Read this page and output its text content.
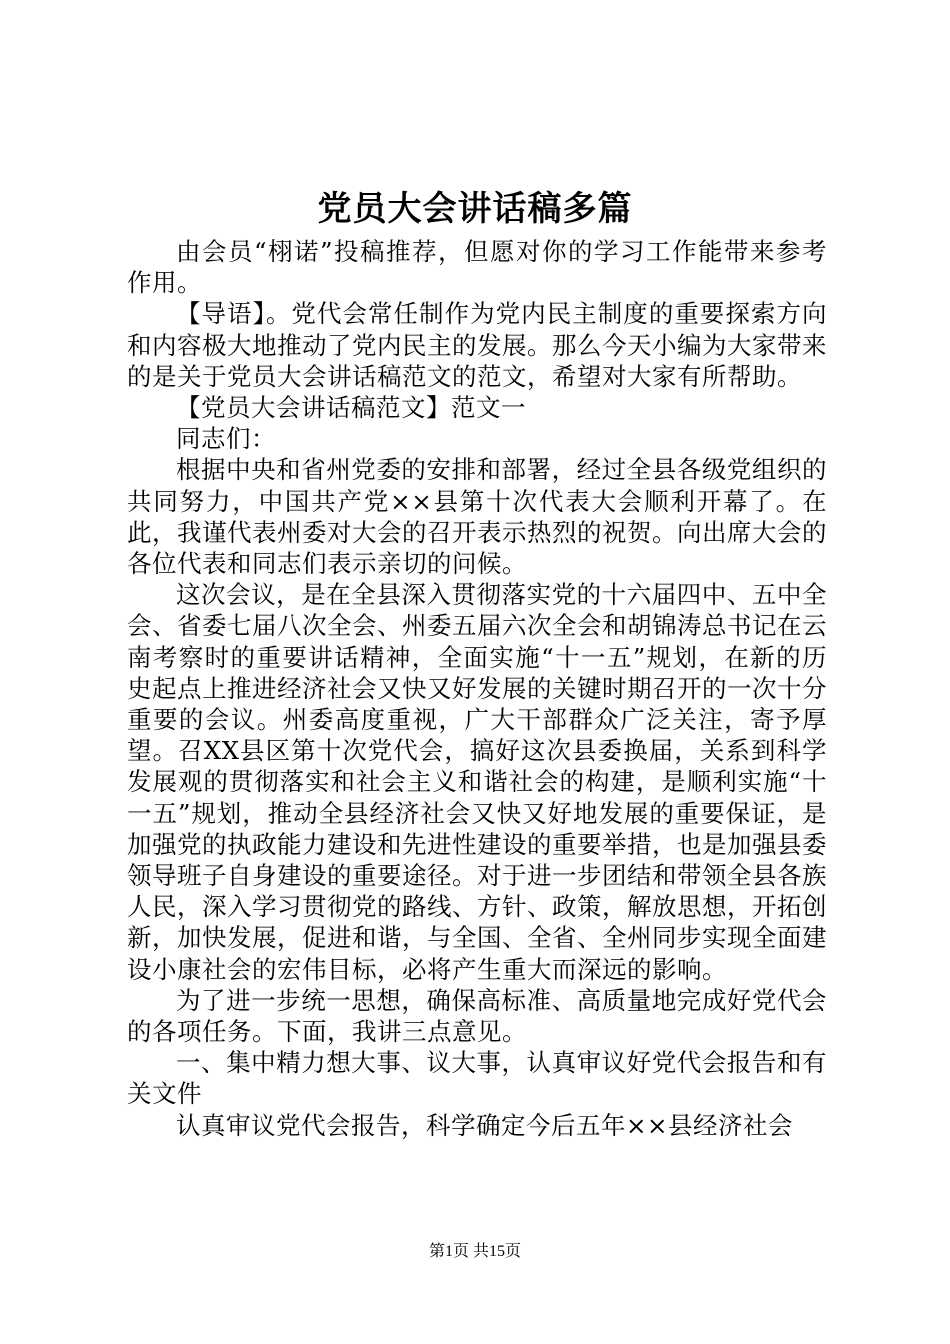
党员大会讲话稿多篇

由会员“栩诺”投稿推荐，但愿对你的学习工作能带来参考作用。

【导语】。党代会常任制作为党内民主制度的重要探索方向和内容极大地推动了党内民主的发展。那么今天小编为大家带来的是关于党员大会讲话稿范文的范文，希望对大家有所帮助。

【党员大会讲话稿范文】范文一

同志们：

根据中央和省州党委的安排和部署，经过全县各级党组织的共同努力，中国共产党××县第十次代表大会顺利开幕了。在此，我谨代表州委对大会的召开表示热烈的祝贺。向出席大会的各位代表和同志们表示亲切的问候。

这次会议，是在全县深入贯彻落实党的十六届四中、五中全会、省委七届八次全会、州委五届六次全会和胡锦涛总书记在云南考察时的重要讲话精神，全面实施“十一五”规划，在新的历史起点上推进经济社会又快又好发展的关键时期召开的一次十分重要的会议。州委高度重视，广大干部群众广泛关注，寄予厚望。召XX县区第十次党代会，搞好这次县委换届，关系到科学发展观的贯彻落实和社会主义和谐社会的构建，是顺利实施“十一五”规划，推动全县经济社会又快又好地发展的重要保证，是加强党的执政能力建设和先进性建设的重要举措，也是加强县委领导班子自身建设的重要途径。对于进一步团结和带领全县各族人民，深入学习贯彻党的路线、方针、政策，解放思想，开拓创新，加快发展，促进和谐，与全国、全省、全州同步实现全面建设小康社会的宏伟目标，必将产生重大而深远的影响。

为了进一步统一思想，确保高标准、高质量地完成好党代会的各项任务。下面，我讲三点意见。

一、集中精力想大事、议大事，认真审议好党代会报告和有关文件

认真审议党代会报告，科学确定今后五年××县经济社会

第1页 共15页
